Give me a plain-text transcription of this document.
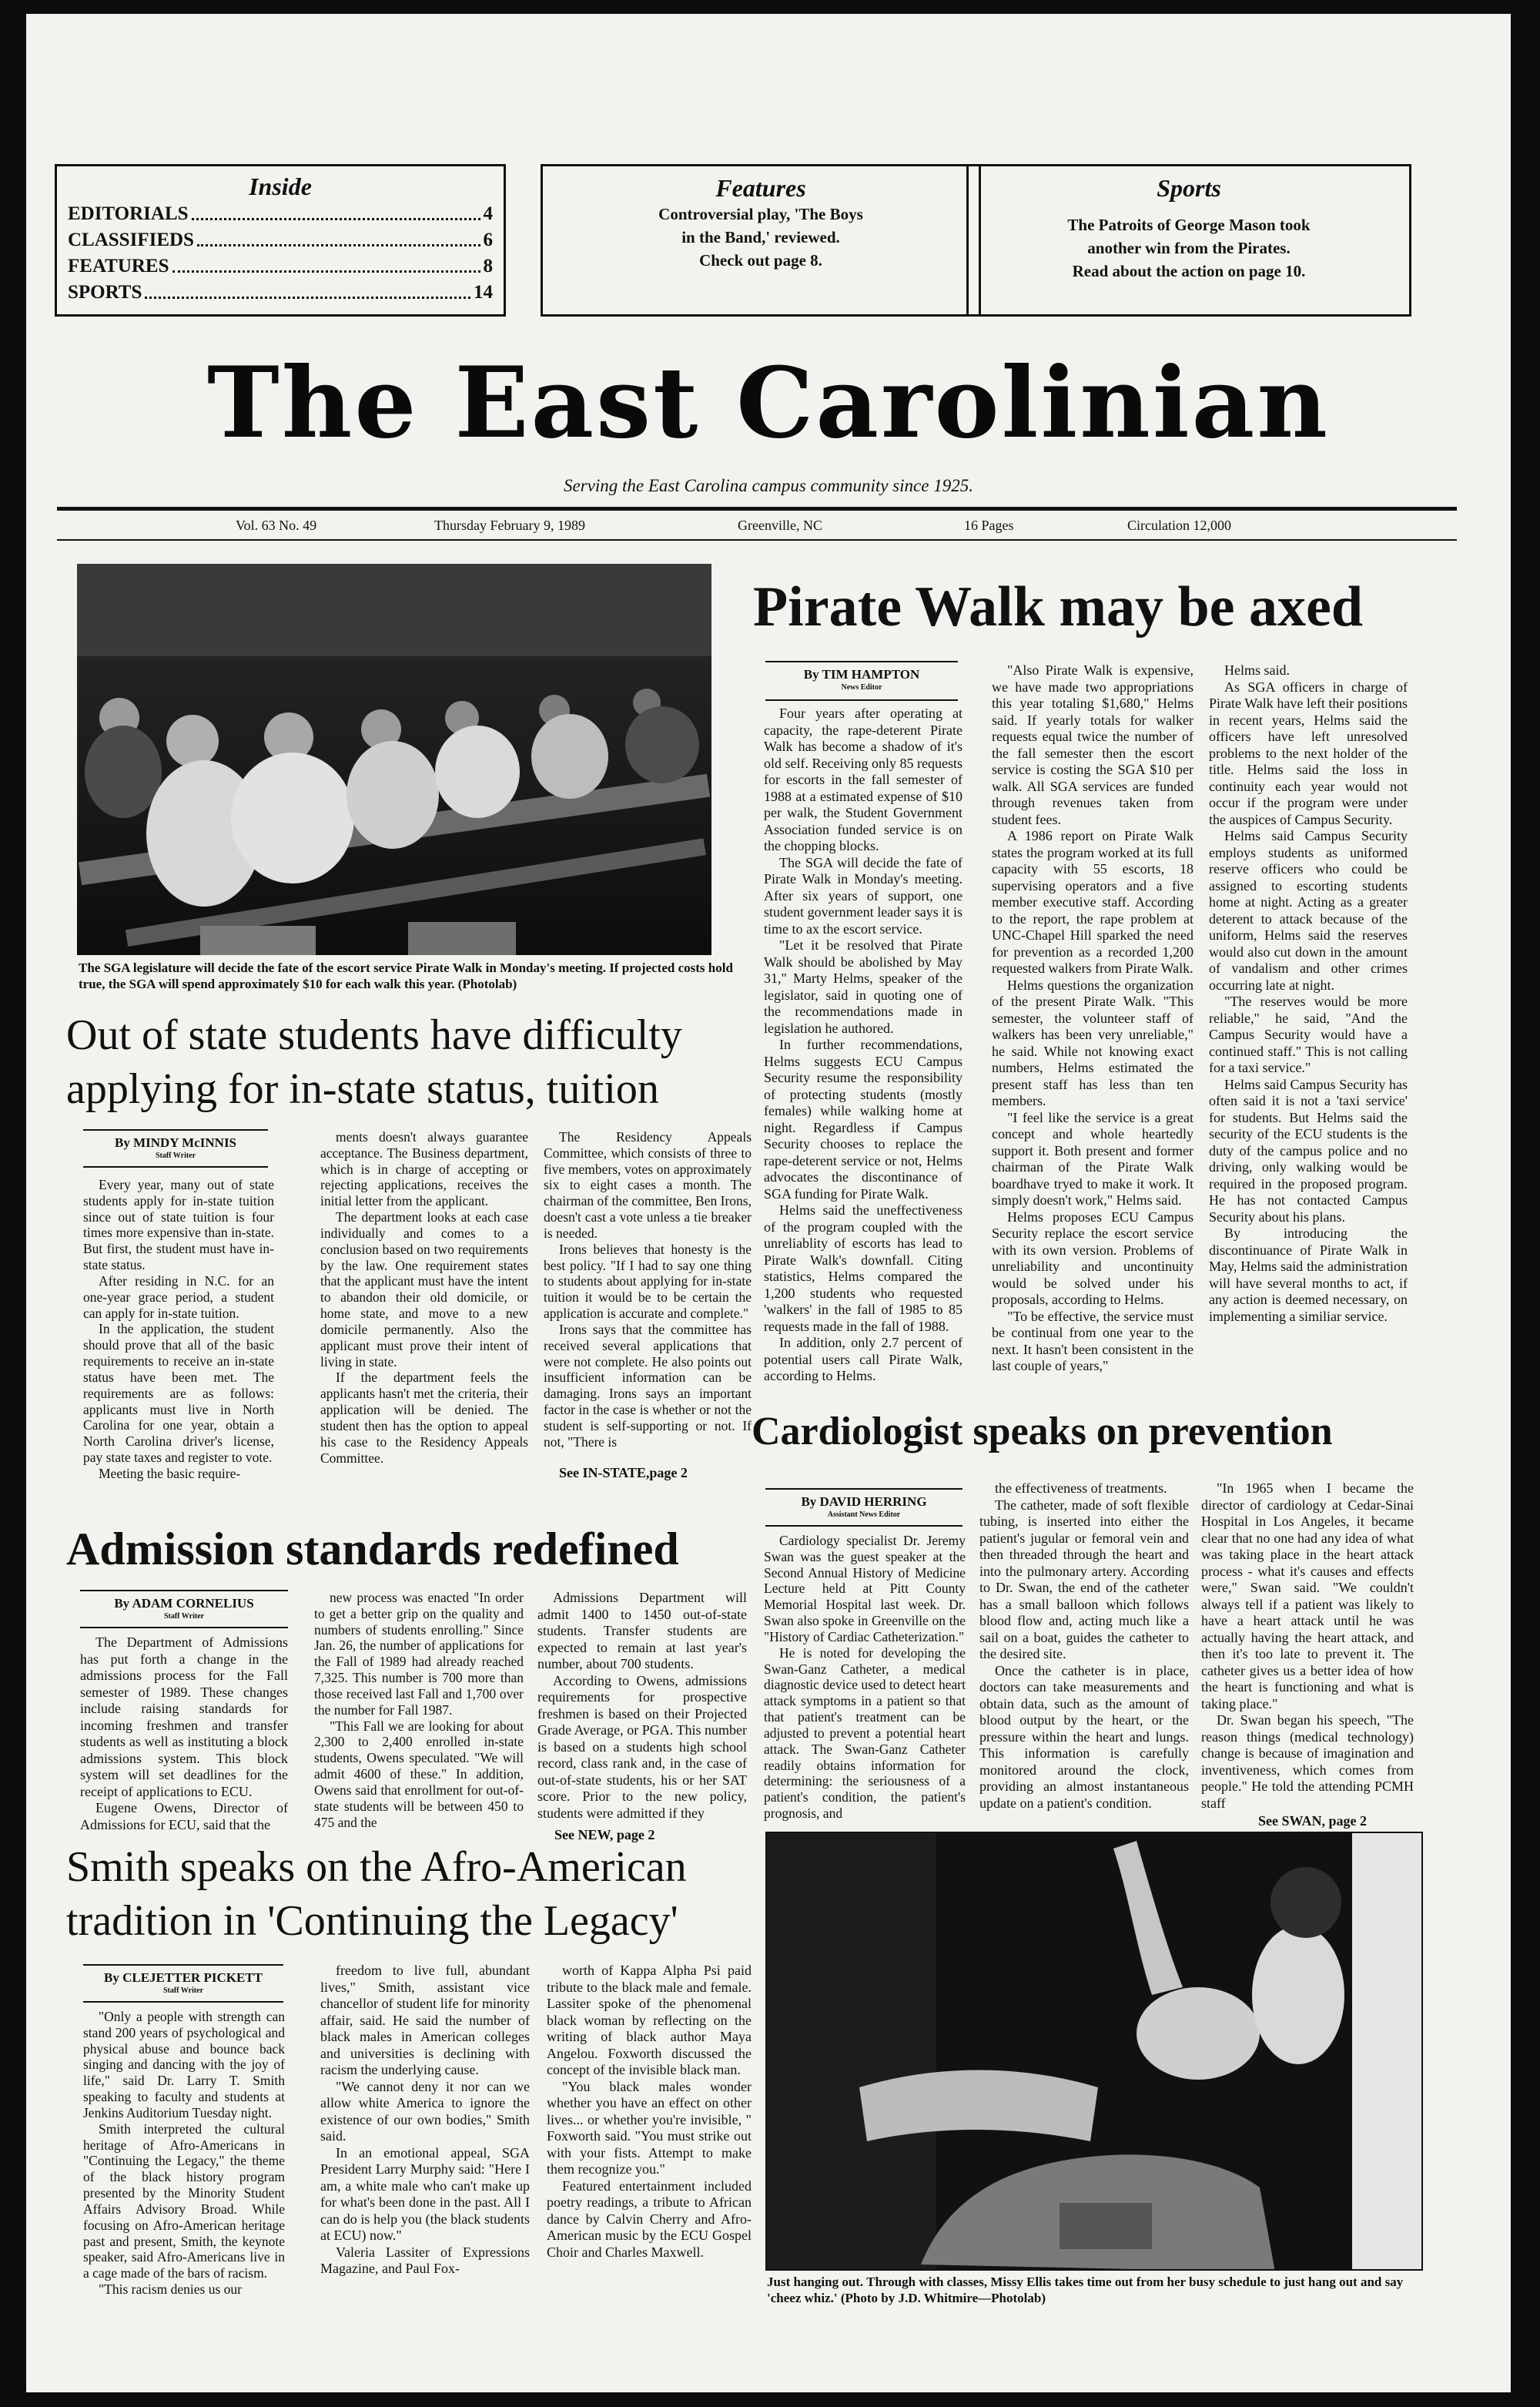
Inside
EDITORIALS	4
CLASSIFIEDS	6
FEATURES	8
SPORTS	14
Features
Controversial play, 'The Boys
in the Band,' reviewed.
Check out page 8.
Sports
The Patroits of George Mason took
another win from the Pirates.
Read about the action on page 10.
The East Carolinian
Serving the East Carolina campus community since 1925.
Vol. 63 No. 49	Thursday February 9, 1989	Greenville, NC	16 Pages	Circulation 12,000
The SGA legislature will decide the fate of the escort service Pirate Walk in Monday's meeting. If projected costs hold true, the SGA will spend approximately $10 for each walk this year. (Photolab)
Pirate Walk may be axed
By TIM HAMPTON
News Editor

Four years after operating at capacity, the rape-deterent Pirate Walk has become a shadow of it's old self. Receiving only 85 requests for escorts in the fall semester of 1988 at a estimated expense of $10 per walk, the Student Government Association funded service is on the chopping blocks.

The SGA will decide the fate of Pirate Walk in Monday's meeting. After six years of support, one student government leader says it is time to ax the escort service.

"Let it be resolved that Pirate Walk should be abolished by May 31," Marty Helms, speaker of the legislator, said in quoting one of the recommendations made in legislation he authored.

In further recommendations, Helms suggests ECU Campus Security resume the responsibility of protecting students (mostly females) while walking home at night. Regardless if Campus Security chooses to replace the rape-deterent service or not, Helms advocates the discontinance of SGA funding for Pirate Walk.

Helms said the uneffectiveness of the program coupled with the unreliablity of escorts has lead to Pirate Walk's downfall. Citing statistics, Helms compared the 1,200 students who requested 'walkers' in the fall of 1985 to 85 requests made in the fall of 1988.

In addition, only 2.7 percent of potential users call Pirate Walk, according to Helms.

"Also Pirate Walk is expensive, we have made two appropriations this year totaling $1,680," Helms said. If yearly totals for walker requests equal twice the number of the fall semester then the escort service is costing the SGA $10 per walk. All SGA services are funded through revenues taken from student fees.

A 1986 report on Pirate Walk states the program worked at its full capacity with 55 escorts, 18 supervising operators and a five member executive staff. According to the report, the rape problem at UNC-Chapel Hill sparked the need for prevention as a recorded 1,200 requested walkers from Pirate Walk.

Helms questions the organization of the present Pirate Walk. "This semester, the volunteer staff of walkers has been very unreliable," he said. While not knowing exact numbers, Helms estimated the present staff has less than ten members.

"I feel like the service is a great concept and whole heartedly support it. Both present and former chairman of the Pirate Walk boardhave tryed to make it work. It simply doesn't work," Helms said.

Helms proposes ECU Campus Security replace the escort service with its own version. Problems of unreliability and uncontinuity would be solved under his proposals, according to Helms.

"To be effective, the service must be continual from one year to the next. It hasn't been consistent in the last couple of years,"

Helms said.

As SGA officers in charge of Pirate Walk have left their positions in recent years, Helms said the officers have left unresolved problems to the next holder of the title. Helms said the loss in continuity each year would not occur if the program were under the auspices of Campus Security.

Helms said Campus Security employs students as uniformed reserve officers who could be assigned to escorting students home at night. Acting as a greater deterent to attack because of the uniform, Helms said the reserves would also cut down in the amount of vandalism and other crimes occurring late at night.

"The reserves would be more reliable," he said, "And the Campus Security would have a continued staff." This is not calling for a taxi service."

Helms said Campus Security has often said it is not a 'taxi service' for students. But Helms said the security of the ECU students is the duty of the campus police and no driving, only walking would be required in the proposed program. He has not contacted Campus Security about his plans.

By introducing the discontinuance of Pirate Walk in May, Helms said the administration will have several months to act, if any action is deemed necessary, on implementing a similiar service.

Out of state students have difficulty
applying for in-state status, tuition
By MINDY McINNIS
Staff Writer

Every year, many out of state students apply for in-state tuition since out of state tuition is four times more expensive than in-state. But first, the student must have in-state status.

After residing in N.C. for an one-year grace period, a student can apply for in-state tuition.

In the application, the student should prove that all of the basic requirements to receive an in-state status have been met. The requirements are as follows: applicants must live in North Carolina for one year, obtain a North Carolina driver's license, pay state taxes and register to vote.

Meeting the basic require-

ments doesn't always guarantee acceptance. The Business department, which is in charge of accepting or rejecting applications, receives the initial letter from the applicant.

The department looks at each case individually and comes to a conclusion based on two requirements by the law. One requirement states that the applicant must have the intent to abandon their old domicile, or home state, and move to a new domicile permanently. Also the applicant must prove their intent of living in state.

If the department feels the applicants hasn't met the criteria, their application will be denied. The student then has the option to appeal his case to the Residency Appeals Committee.

The Residency Appeals Committee, which consists of three to five members, votes on approximately six to eight cases a month. The chairman of the committee, Ben Irons, doesn't cast a vote unless a tie breaker is needed.

Irons believes that honesty is the best policy. "If I had to say one thing to students about applying for in-state tuition it would be to be certain the application is accurate and complete."

Irons says that the committee has received several applications that were not complete. He also points out insufficient information can be damaging. Irons says an important factor in the case is whether or not the student is self-supporting or not. If not, "There is

See IN-STATE,page 2
Cardiologist speaks on prevention
By DAVID HERRING
Assistant News Editor

Cardiology specialist Dr. Jeremy Swan was the guest speaker at the Second Annual History of Medicine Lecture held at Pitt County Memorial Hospital last week. Dr. Swan also spoke in Greenville on the "History of Cardiac Catheterization."

He is noted for developing the Swan-Ganz Catheter, a medical diagnostic device used to detect heart attack symptoms in a patient so that that patient's treatment can be adjusted to prevent a potential heart attack. The Swan-Ganz Catheter readily obtains information for determining: the seriousness of a patient's condition, the patient's prognosis, and

the effectiveness of treatments.

The catheter, made of soft flexible tubing, is inserted into either the patient's jugular or femoral vein and then threaded through the heart and into the pulmonary artery. According to Dr. Swan, the end of the catheter has a small balloon which follows blood flow and, acting much like a sail on a boat, guides the catheter to the desired site.

Once the catheter is in place, doctors can take measurements and obtain data, such as the amount of blood output by the heart, or the pressure within the heart and lungs. This information is carefully monitored around the clock, providing an almost instantaneous update on a patient's condition.

"In 1965 when I became the director of cardiology at Cedar-Sinai Hospital in Los Angeles, it became clear that no one had any idea of what was taking place in the heart attack process - what it's causes and effects were," Swan said. "We couldn't always tell if a patient was likely to have a heart attack until he was actually having the heart attack, and then it's too late to prevent it. The catheter gives us a better idea of how the heart is functioning and what is taking place."

Dr. Swan began his speech, "The reason things (medical technology) change is because of imagination and inventiveness, which comes from people." He told the attending PCMH staff

See SWAN, page 2
Admission standards redefined
By ADAM CORNELIUS
Staff Writer

The Department of Admissions has put forth a change in the admissions process for the Fall semester of 1989. These changes include raising standards for incoming freshmen and transfer students as well as instituting a block admissions system. This block system will set deadlines for the receipt of applications to ECU.

Eugene Owens, Director of Admissions for ECU, said that the

new process was enacted "In order to get a better grip on the quality and numbers of students enrolling." Since Jan. 26, the number of applications for the Fall of 1989 had already reached 7,325. This number is 700 more than those received last Fall and 1,700 over the number for Fall 1987.

"This Fall we are looking for about 2,300 to 2,400 enrolled in-state students, Owens speculated. "We will admit 4600 of these." In addition, Owens said that enrollment for out-of-state students will be between 450 to 475 and the

Admissions Department will admit 1400 to 1450 out-of-state students. Transfer students are expected to remain at last year's number, about 700 students.

According to Owens, admissions requirements for prospective freshmen is based on their Projected Grade Average, or PGA. This number is based on a students high school record, class rank and, in the case of out-of-state students, his or her SAT score. Prior to the new policy, students were admitted if they

See NEW, page 2
Smith speaks on the Afro-American
tradition in 'Continuing the Legacy'
By CLEJETTER PICKETT
Staff Writer

"Only a people with strength can stand 200 years of psychological and physical abuse and bounce back singing and dancing with the joy of life," said Dr. Larry T. Smith speaking to faculty and students at Jenkins Auditorium Tuesday night.

Smith interpreted the cultural heritage of Afro-Americans in "Continuing the Legacy," the theme of the black history program presented by the Minority Student Affairs Advisory Broad. While focusing on Afro-American heritage past and present, Smith, the keynote speaker, said Afro-Americans live in a cage made of the bars of racism.

"This racism denies us our

freedom to live full, abundant lives," Smith, assistant vice chancellor of student life for minority affair, said. He said the number of black males in American colleges and universities is declining with racism the underlying cause.

"We cannot deny it nor can we allow white America to ignore the existence of our own bodies," Smith said.

In an emotional appeal, SGA President Larry Murphy said: "Here I am, a white male who can't make up for what's been done in the past. All I can do is help you (the black students at ECU) now."

Valeria Lassiter of Expressions Magazine, and Paul Fox-

worth of Kappa Alpha Psi paid tribute to the black male and female. Lassiter spoke of the phenomenal black woman by reflecting on the writing of black author Maya Angelou. Foxworth discussed the concept of the invisible black man.

"You black males wonder whether you have an effect on other lives... or whether you're invisible, " Foxworth said. "You must strike out with your fists. Attempt to make them recognize you."

Featured entertainment included poetry readings, a tribute to African dance by Calvin Cherry and Afro-American music by the ECU Gospel Choir and Charles Maxwell.

Just hanging out. Through with classes, Missy Ellis takes time out from her busy schedule to just hang out and say 'cheez whiz.' (Photo by J.D. Whitmire—Photolab)
